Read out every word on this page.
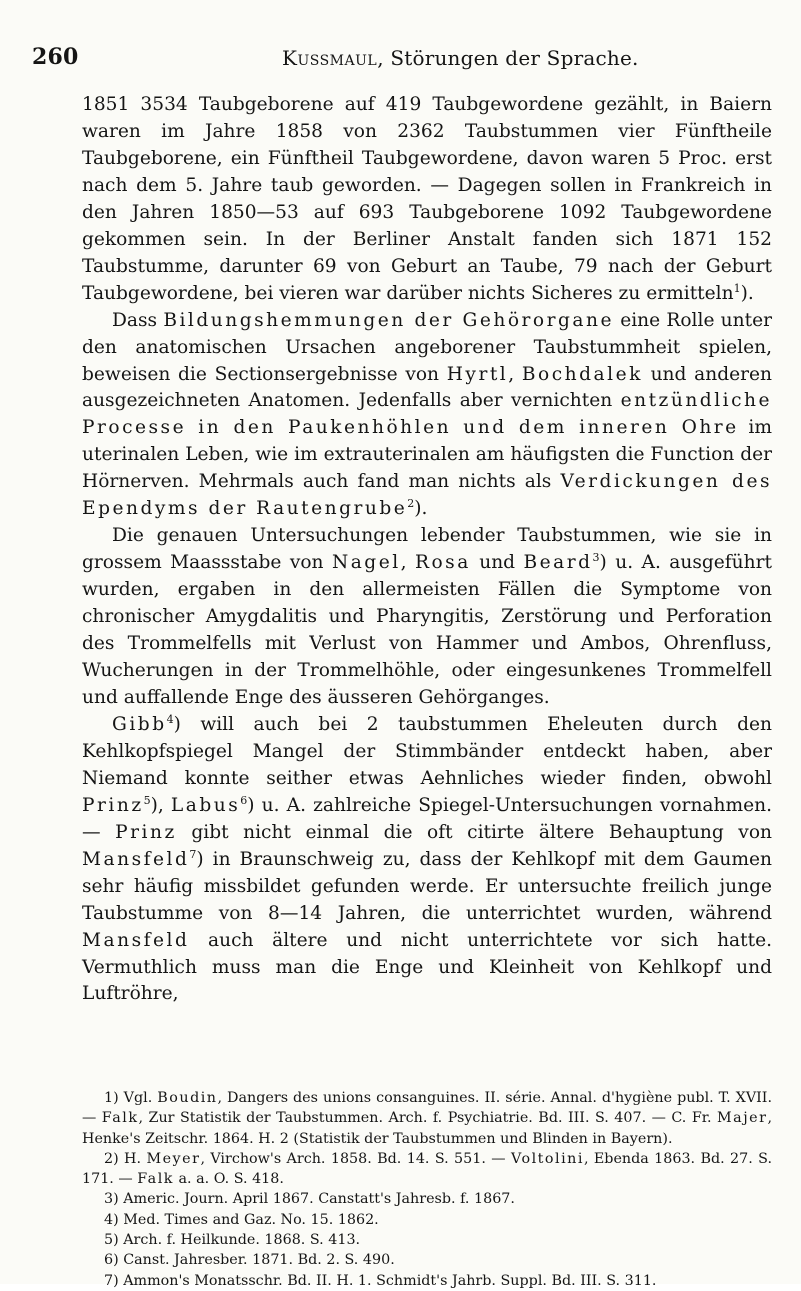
260	Kussmaul, Störungen der Sprache.

1851 3534 Taubgeborene auf 419 Taubgewordene gezählt, in Baiern waren im Jahre 1858 von 2362 Taubstummen vier Fünftheile Taubgeborene, ein Fünftheil Taubgewordene, davon waren 5 Proc. erst nach dem 5. Jahre taub geworden. — Dagegen sollen in Frankreich in den Jahren 1850—53 auf 693 Taubgeborene 1092 Taubgewordene gekommen sein. In der Berliner Anstalt fanden sich 1871 152 Taubstumme, darunter 69 von Geburt an Taube, 79 nach der Geburt Taubgewordene, bei vieren war darüber nichts Sicheres zu ermitteln$^1$).

Dass Bildungshemmungen der Gehörorgane eine Rolle unter den anatomischen Ursachen angeborener Taubstummheit spielen, beweisen die Sectionsergebnisse von Hyrtl, Bochdalek und anderen ausgezeichneten Anatomen. Jedenfalls aber vernichten entzündliche Processe in den Paukenhöhlen und dem inneren Ohre im uterinalen Leben, wie im extrauterinalen am häufigsten die Function der Hörnerven. Mehrmals auch fand man nichts als Verdickungen des Ependyms der Rautengrube$^2$).

Die genauen Untersuchungen lebender Taubstummen, wie sie in grossem Maassstabe von Nagel, Rosa und Beard$^3$) u. A. ausgeführt wurden, ergaben in den allermeisten Fällen die Symptome von chronischer Amygdalitis und Pharyngitis, Zerstörung und Perforation des Trommelfells mit Verlust von Hammer und Ambos, Ohrenfluss, Wucherungen in der Trommelhöhle, oder eingesunkenes Trommelfell und auffallende Enge des äusseren Gehörganges.

Gibb$^4$) will auch bei 2 taubstummen Eheleuten durch den Kehlkopfspiegel Mangel der Stimmbänder entdeckt haben, aber Niemand konnte seither etwas Aehnliches wieder finden, obwohl Prinz$^5$), Labus$^6$) u. A. zahlreiche Spiegel-Untersuchungen vornahmen. — Prinz gibt nicht einmal die oft citirte ältere Behauptung von Mansfeld$^7$) in Braunschweig zu, dass der Kehlkopf mit dem Gaumen sehr häufig missbildet gefunden werde. Er untersuchte freilich junge Taubstumme von 8—14 Jahren, die unterrichtet wurden, während Mansfeld auch ältere und nicht unterrichtete vor sich hatte. Vermuthlich muss man die Enge und Kleinheit von Kehlkopf und Luftröhre,

1) Vgl. Boudin, Dangers des unions consanguines. II. série. Annal. d'hygiène publ. T. XVII. — Falk, Zur Statistik der Taubstummen. Arch. f. Psychiatrie. Bd. III. S. 407. — C. Fr. Majer, Henke's Zeitschr. 1864. H. 2 (Statistik der Taubstummen und Blinden in Bayern).

2) H. Meyer, Virchow's Arch. 1858. Bd. 14. S. 551. — Voltolini, Ebenda 1863. Bd. 27. S. 171. — Falk a. a. O. S. 418.

3) Americ. Journ. April 1867. Canstatt's Jahresb. f. 1867.

4) Med. Times and Gaz. No. 15. 1862.

5) Arch. f. Heilkunde. 1868. S. 413.

6) Canst. Jahresber. 1871. Bd. 2. S. 490.

7) Ammon's Monatsschr. Bd. II. H. 1. Schmidt's Jahrb. Suppl. Bd. III. S. 311.
